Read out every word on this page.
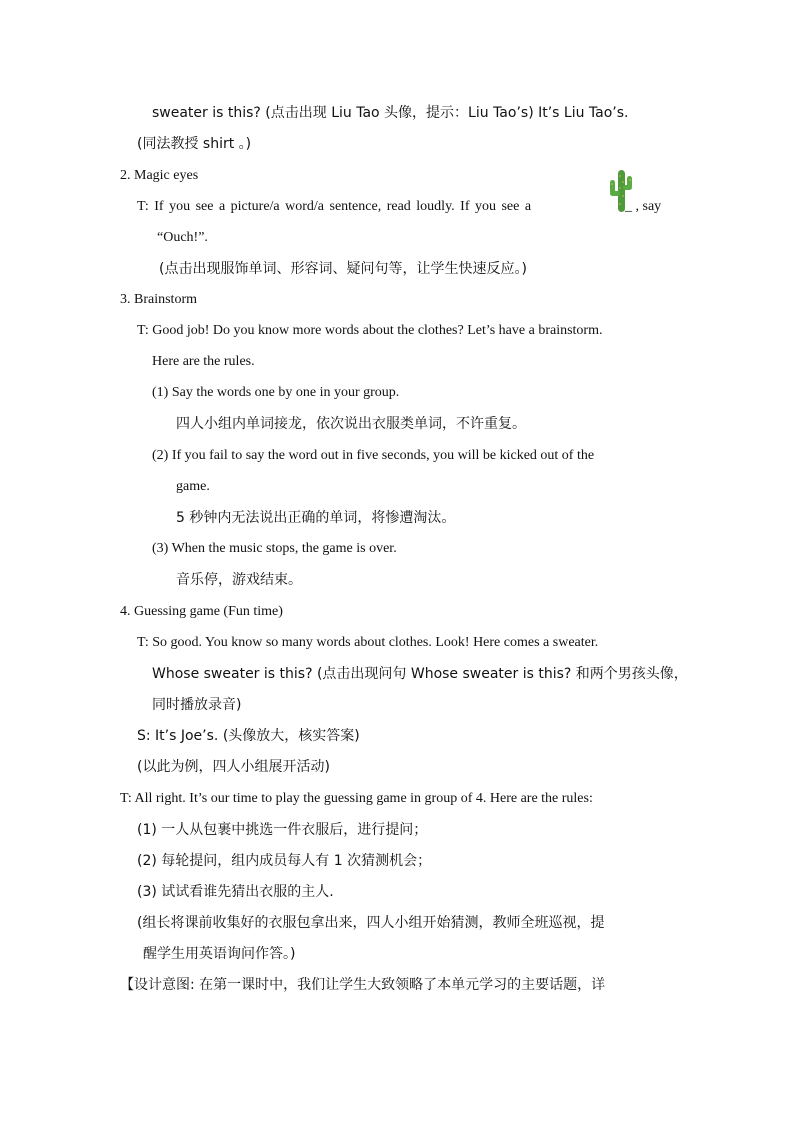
sweater is this? (点击出现 Liu Tao 头像，提示：Liu Tao’s) It’s Liu Tao’s.
(同法教授 shirt 。)
2. Magic eyes
T: If you see a picture/a word/a sentence, read loudly. If you see a	_ , say
“Ouch!”.
(点击出现服饰单词、形容词、疑问句等，让学生快速反应。)
3. Brainstorm
T: Good job! Do you know more words about the clothes? Let’s have a brainstorm.
Here are the rules.
(1) Say the words one by one in your group.
四人小组内单词接龙，依次说出衣服类单词，不许重复。
(2) If you fail to say the word out in five seconds, you will be kicked out of the
game.
5 秒钟内无法说出正确的单词，将惨遭淘汰。
(3) When the music stops, the game is over.
音乐停，游戏结束。
4. Guessing game (Fun time)
T: So good. You know so many words about clothes. Look! Here comes a sweater.
Whose sweater is this? (点击出现问句 Whose sweater is this? 和两个男孩头像，
同时播放录音)
S: It’s Joe’s. (头像放大，核实答案)
(以此为例，四人小组展开活动)
T: All right. It’s our time to play the guessing game in group of 4. Here are the rules:
(1) 一人从包裹中挑选一件衣服后，进行提问；
(2) 每轮提问，组内成员每人有 1 次猜测机会；
(3) 试试看谁先猜出衣服的主人.
(组长将课前收集好的衣服包拿出来，四人小组开始猜测，教师全班巡视，提
醒学生用英语询问作答。)
【设计意图: 在第一课时中，我们让学生大致领略了本单元学习的主要话题，详
